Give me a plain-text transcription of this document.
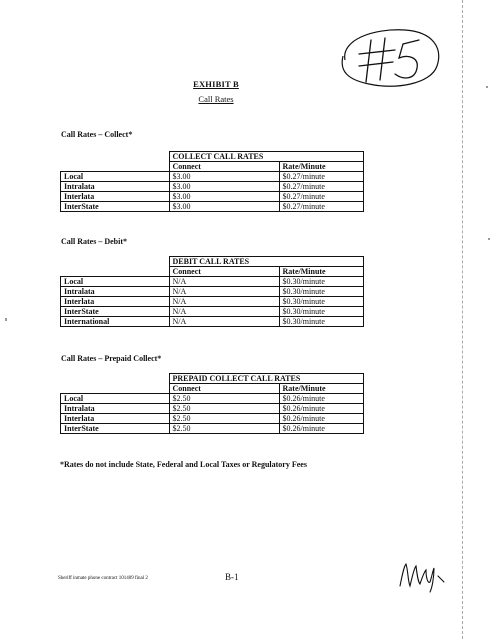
#5
EXHIBIT B
Call Rates
Call Rates – Collect*
	COLLECT CALL RATES	
	Connect	Rate/Minute
Local	$3.00	$0.27/minute
Intralata	$3.00	$0.27/minute
Interlata	$3.00	$0.27/minute
InterState	$3.00	$0.27/minute
Call Rates – Debit*
	DEBIT CALL RATES	
	Connect	Rate/Minute
Local	N/A	$0.30/minute
Intralata	N/A	$0.30/minute
Interlata	N/A	$0.30/minute
InterState	N/A	$0.30/minute
International	N/A	$0.30/minute
Call Rates – Prepaid Collect*
	PREPAID COLLECT CALL RATES	
	Connect	Rate/Minute
Local	$2.50	$0.26/minute
Intralata	$2.50	$0.26/minute
Interlata	$2.50	$0.26/minute
InterState	$2.50	$0.26/minute
*Rates do not include State, Federal and Local Taxes or Regulatory Fees
Sheriff inmate phone contract 101409 final 2	B-1
